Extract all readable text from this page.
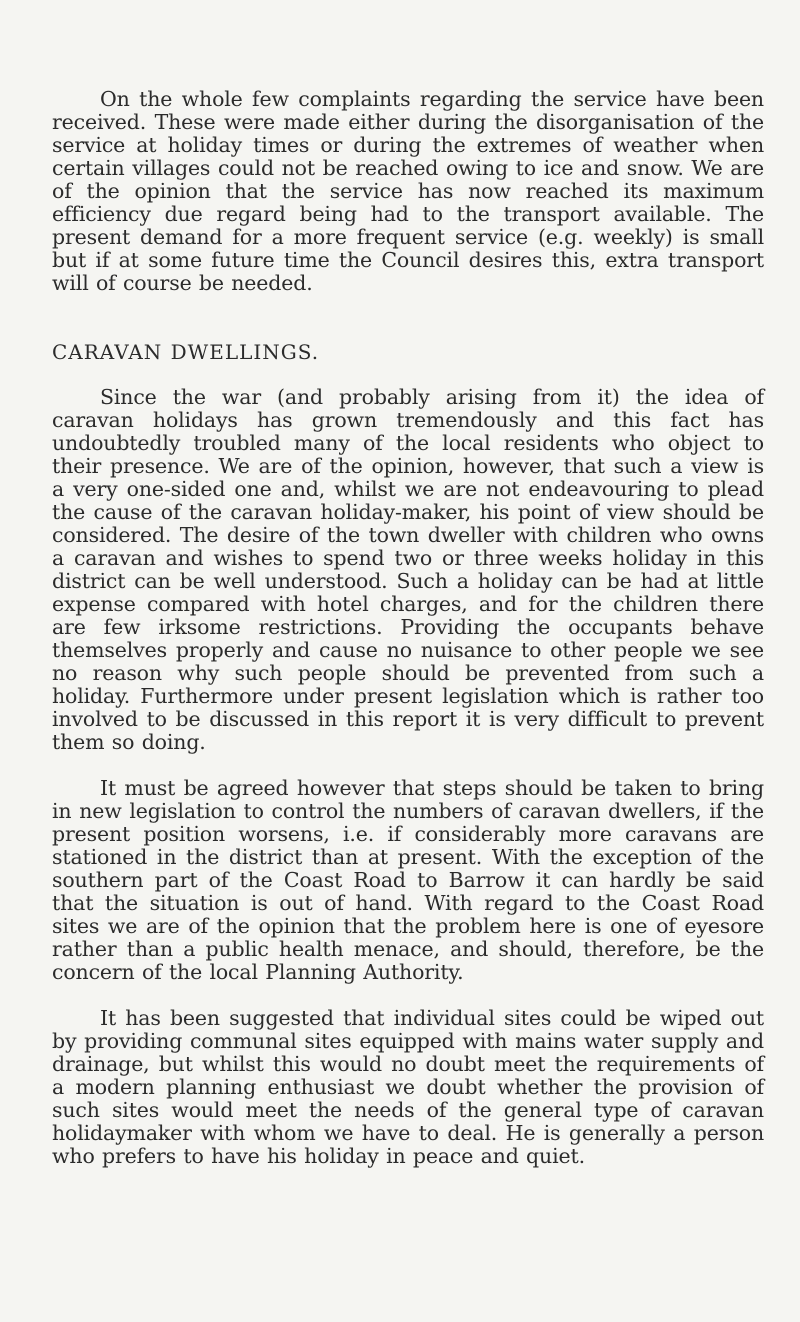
On the whole few complaints regarding the service have been received. These were made either during the disorganisation of the service at holiday times or during the extremes of weather when certain villages could not be reached owing to ice and snow. We are of the opinion that the service has now reached its maximum efficiency due regard being had to the transport available. The present demand for a more frequent service (e.g. weekly) is small but if at some future time the Council desires this, extra transport will of course be needed.

CARAVAN DWELLINGS.

Since the war (and probably arising from it) the idea of caravan holidays has grown tremendously and this fact has undoubtedly troubled many of the local residents who object to their presence. We are of the opinion, however, that such a view is a very one-sided one and, whilst we are not endeavouring to plead the cause of the caravan holiday-maker, his point of view should be considered. The desire of the town dweller with children who owns a caravan and wishes to spend two or three weeks holiday in this district can be well understood. Such a holiday can be had at little expense compared with hotel charges, and for the children there are few irksome restrictions. Providing the occupants behave themselves properly and cause no nuisance to other people we see no reason why such people should be prevented from such a holiday. Furthermore under present legislation which is rather too involved to be discussed in this report it is very difficult to prevent them so doing.

It must be agreed however that steps should be taken to bring in new legislation to control the numbers of caravan dwellers, if the present position worsens, i.e. if considerably more caravans are stationed in the district than at present. With the exception of the southern part of the Coast Road to Barrow it can hardly be said that the situation is out of hand. With regard to the Coast Road sites we are of the opinion that the problem here is one of eyesore rather than a public health menace, and should, therefore, be the concern of the local Planning Authority.

It has been suggested that individual sites could be wiped out by providing communal sites equipped with mains water supply and drainage, but whilst this would no doubt meet the requirements of a modern planning enthusiast we doubt whether the provision of such sites would meet the needs of the general type of caravan holidaymaker with whom we have to deal. He is generally a person who prefers to have his holiday in peace and quiet.
